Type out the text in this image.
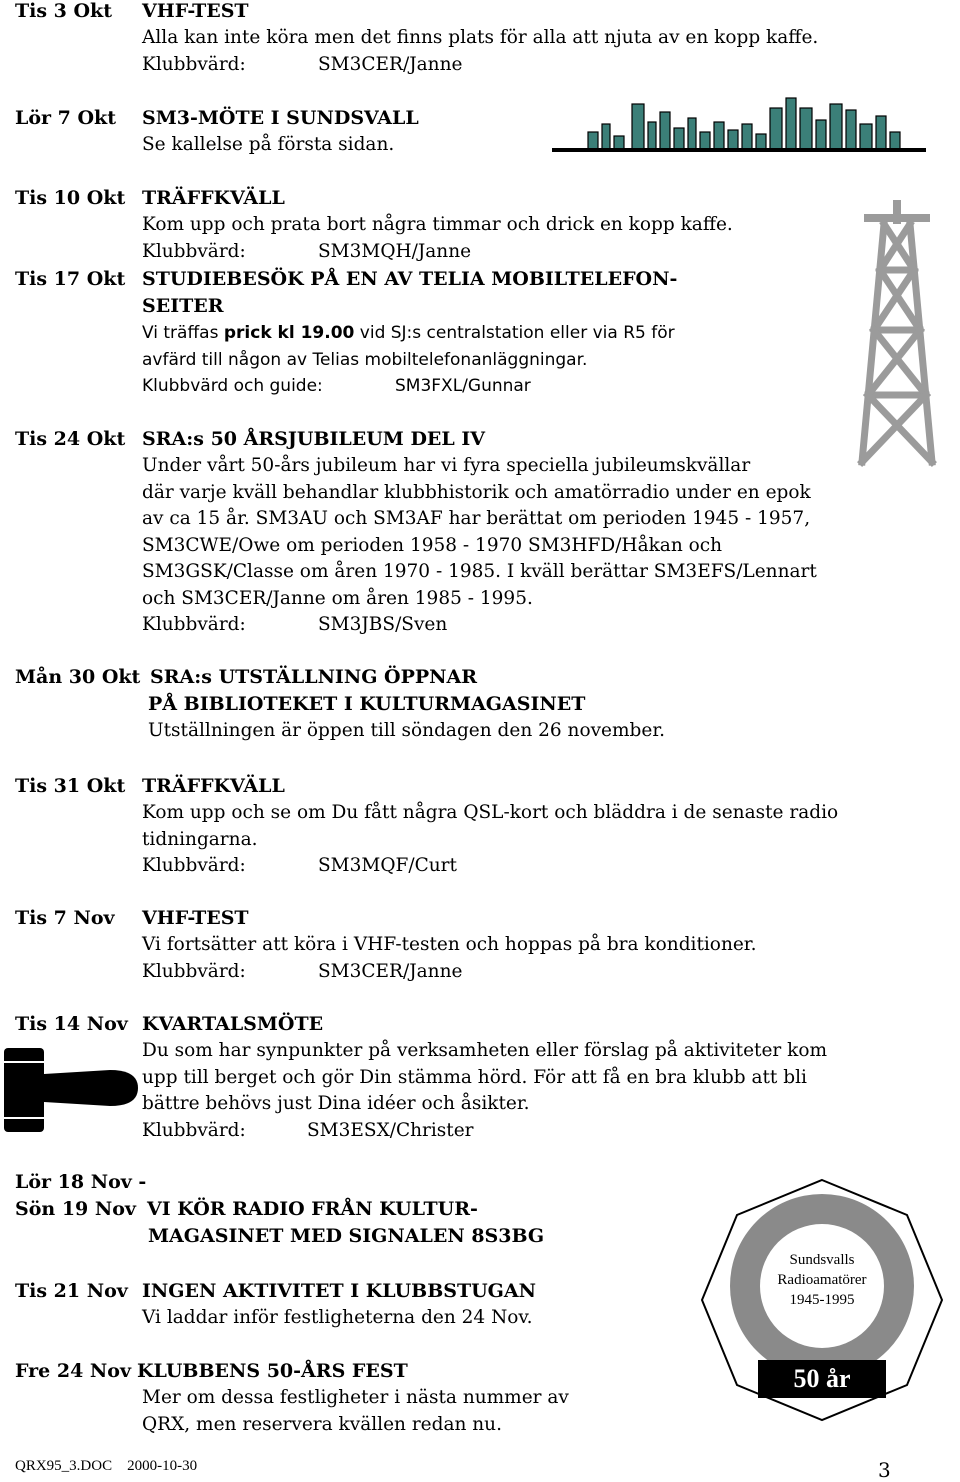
Tis 3 Okt VHF-TEST
Alla kan inte köra men det finns plats för alla att njuta av en kopp kaffe.
Klubbvärd:	SM3CER/Janne
Lör 7 Okt SM3-MÖTE I SUNDSVALL
Se kallelse på första sidan.
Tis 10 Okt TRÄFFKVÄLL
Kom upp och prata bort några timmar och drick en kopp kaffe.
Klubbvärd:	SM3MQH/Janne
Tis 17 Okt STUDIEBESÖK PÅ EN AV TELIA MOBILTELEFON-
SEITER
Vi träffas prick kl 19.00 vid SJ:s centralstation eller via R5 för
avfärd till någon av Telias mobiltelefonanläggningar.
Klubbvärd och guide:	SM3FXL/Gunnar
Tis 24 Okt SRA:s 50 ÅRSJUBILEUM DEL IV
Under vårt 50-års jubileum har vi fyra speciella jubileumskvällar
där varje kväll behandlar klubbhistorik och amatörradio under en epok
av ca 15 år. SM3AU och SM3AF har berättat om perioden 1945 - 1957,
SM3CWE/Owe om perioden 1958 - 1970 SM3HFD/Håkan och
SM3GSK/Classe om åren 1970 - 1985. I kväll berättar SM3EFS/Lennart
och SM3CER/Janne om åren 1985 - 1995.
Klubbvärd:	SM3JBS/Sven
Mån 30 Okt SRA:s UTSTÄLLNING ÖPPNAR
PÅ BIBLIOTEKET I KULTURMAGASINET
Utställningen är öppen till söndagen den 26 november.
Tis 31 Okt TRÄFFKVÄLL
Kom upp och se om Du fått några QSL-kort och bläddra i de senaste radio
tidningarna.
Klubbvärd:	SM3MQF/Curt
Tis 7 Nov VHF-TEST
Vi fortsätter att köra i VHF-testen och hoppas på bra konditioner.
Klubbvärd:	SM3CER/Janne
Tis 14 Nov KVARTALSMÖTE
Du som har synpunkter på verksamheten eller förslag på aktiviteter kom
upp till berget och gör Din stämma hörd. För att få en bra klubb att bli
bättre behövs just Dina idéer och åsikter.
Klubbvärd:	SM3ESX/Christer
Lör 18 Nov -
Sön 19 Nov VI KÖR RADIO FRÅN KULTUR-
MAGASINET MED SIGNALEN 8S3BG
Tis 21 Nov INGEN AKTIVITET I KLUBBSTUGAN
Vi laddar inför festligheterna den 24 Nov.
Fre 24 Nov KLUBBENS 50-ÅRS FEST
Mer om dessa festligheter i nästa nummer av
QRX, men reservera kvällen redan nu.
Sundsvalls
Radioamatörer
1945-1995
50 år
QRX95_3.DOC 2000-10-30	3
